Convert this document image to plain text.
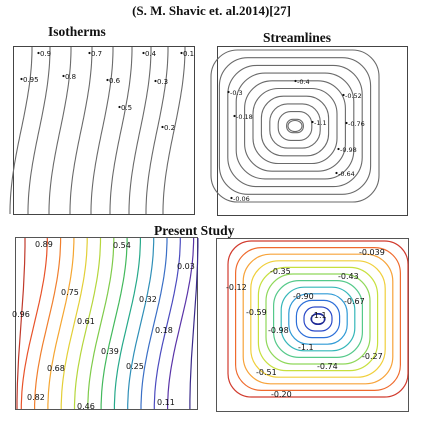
(S. M. Shavic et. al.2014)[27]
Isotherms	Streamlines
Present Study
0.9
0.95	0.8
0.7
0.6
0.5
0.4
0.3
0.2
0.1
-0.4
-0.3	-0.52
-0.18
-1.1	-0.76
-0.98
-0.64
-0.06
0.89	0.54
0.03
0.75
0.32
0.96
0.61
0.18
0.39
0.68	0.25
0.82
0.46	0.11
-0.039
-0.35
-0.43
-0.12
-0.90
-0.67
-0.59	-1.1
-0.98
-1.1
-0.27
-0.74
-0.51
-0.20
